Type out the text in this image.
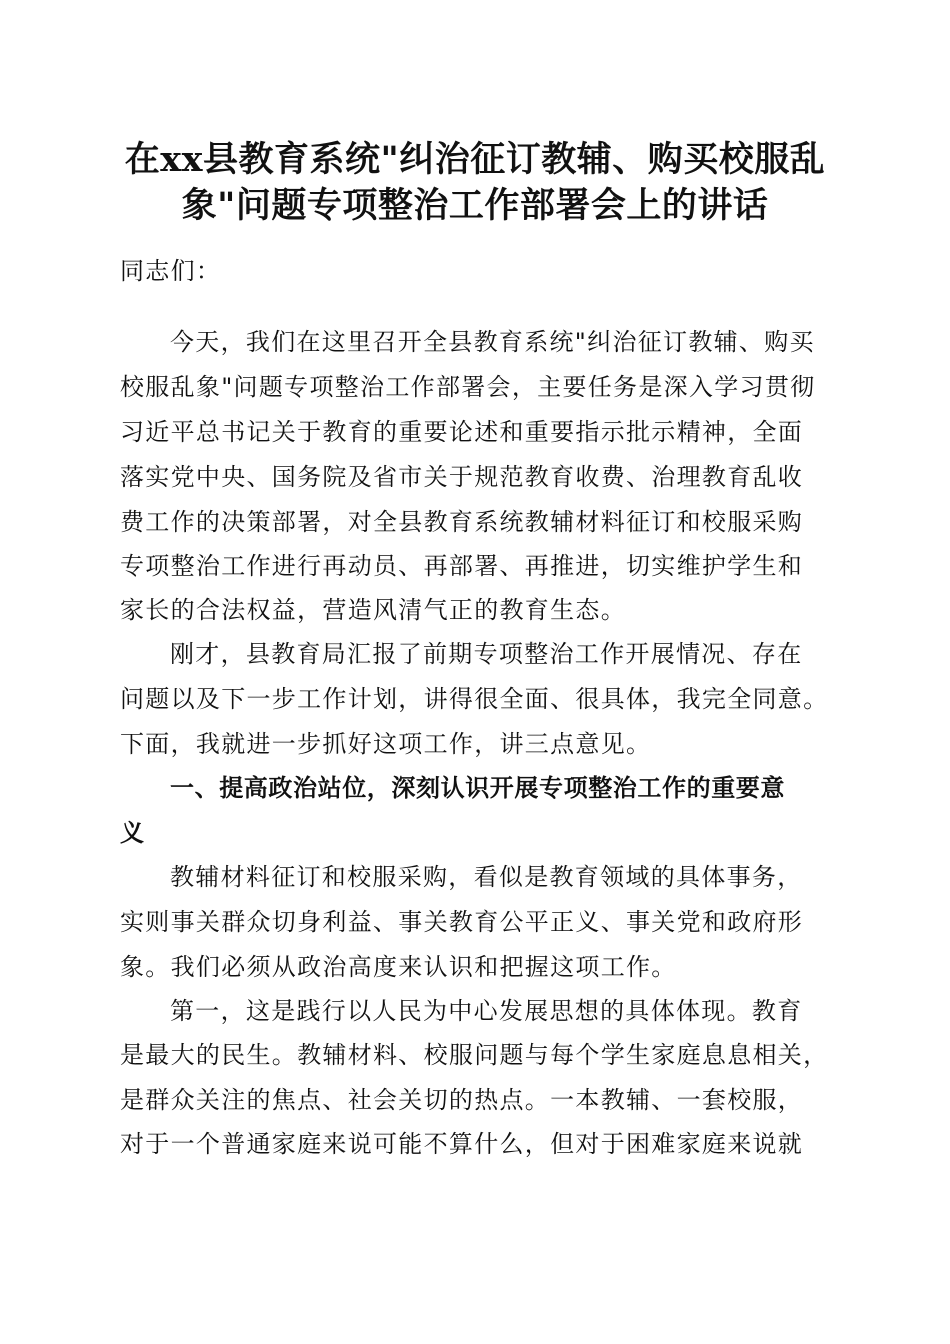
在xx县教育系统"纠治征订教辅、购买校服乱
象"问题专项整治工作部署会上的讲话

同志们：

今天，我们在这里召开全县教育系统"纠治征订教辅、购买

校服乱象"问题专项整治工作部署会，主要任务是深入学习贯彻

习近平总书记关于教育的重要论述和重要指示批示精神，全面

落实党中央、国务院及省市关于规范教育收费、治理教育乱收

费工作的决策部署，对全县教育系统教辅材料征订和校服采购

专项整治工作进行再动员、再部署、再推进，切实维护学生和

家长的合法权益，营造风清气正的教育生态。

刚才，县教育局汇报了前期专项整治工作开展情况、存在

问题以及下一步工作计划，讲得很全面、很具体，我完全同意。

下面，我就进一步抓好这项工作，讲三点意见。

一、提高政治站位，深刻认识开展专项整治工作的重要意

义

教辅材料征订和校服采购，看似是教育领域的具体事务，

实则事关群众切身利益、事关教育公平正义、事关党和政府形

象。我们必须从政治高度来认识和把握这项工作。

第一，这是践行以人民为中心发展思想的具体体现。教育

是最大的民生。教辅材料、校服问题与每个学生家庭息息相关，

是群众关注的焦点、社会关切的热点。一本教辅、一套校服，

对于一个普通家庭来说可能不算什么，但对于困难家庭来说就
